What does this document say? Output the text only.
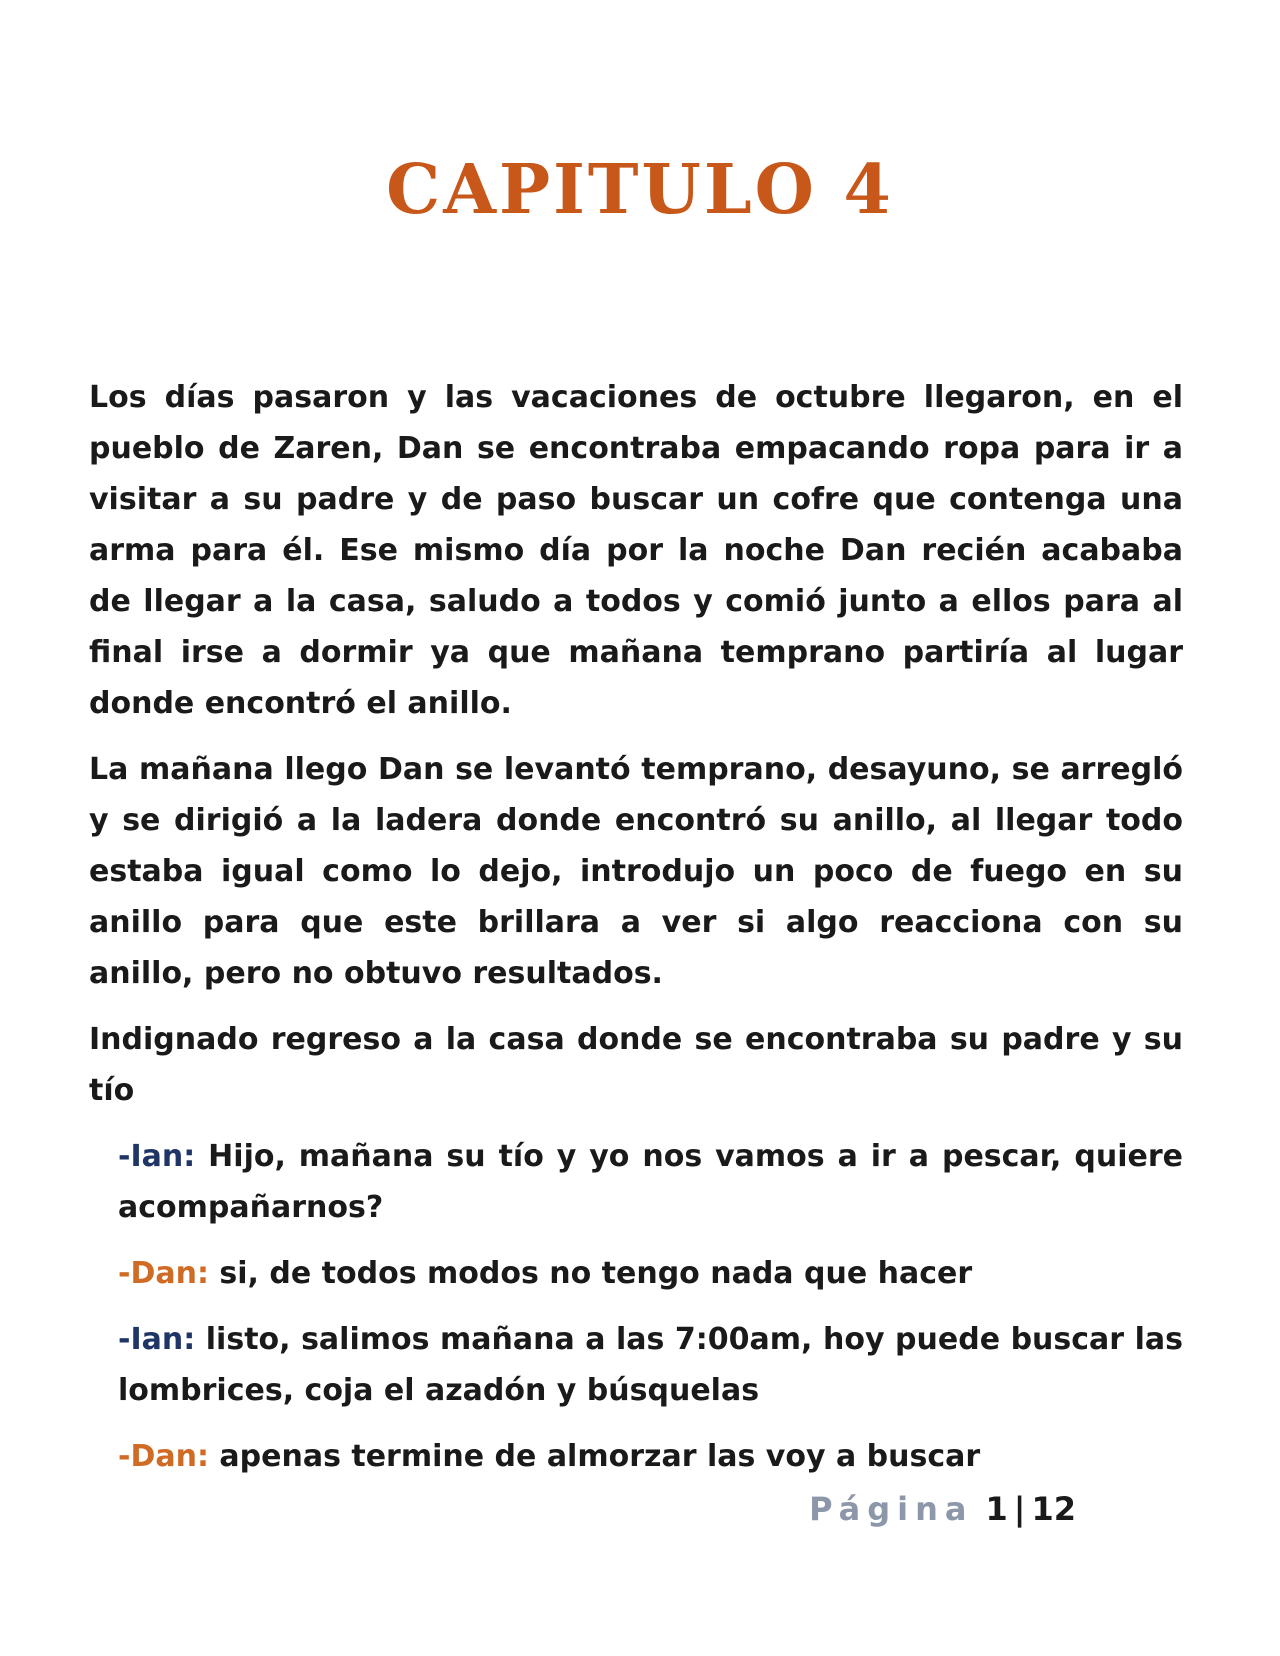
CAPITULO 4

Los días pasaron y las vacaciones de octubre llegaron, en el pueblo de Zaren, Dan se encontraba empacando ropa para ir a visitar a su padre y de paso buscar un cofre que contenga una arma para él. Ese mismo día por la noche Dan recién acababa de llegar a la casa, saludo a todos y comió junto a ellos para al final irse a dormir ya que mañana temprano partiría al lugar donde encontró el anillo.

La mañana llego Dan se levantó temprano, desayuno, se arregló y se dirigió a la ladera donde encontró su anillo, al llegar todo estaba igual como lo dejo, introdujo un poco de fuego en su anillo para que este brillara a ver si algo reacciona con su anillo, pero no obtuvo resultados.

Indignado regreso a la casa donde se encontraba su padre y su tío

-Ian: Hijo, mañana su tío y yo nos vamos a ir a pescar, quiere acompañarnos?

-Dan: si, de todos modos no tengo nada que hacer

-Ian: listo, salimos mañana a las 7:00am, hoy puede buscar las lombrices, coja el azadón y búsquelas

-Dan: apenas termine de almorzar las voy a buscar

Página 1 | 12
